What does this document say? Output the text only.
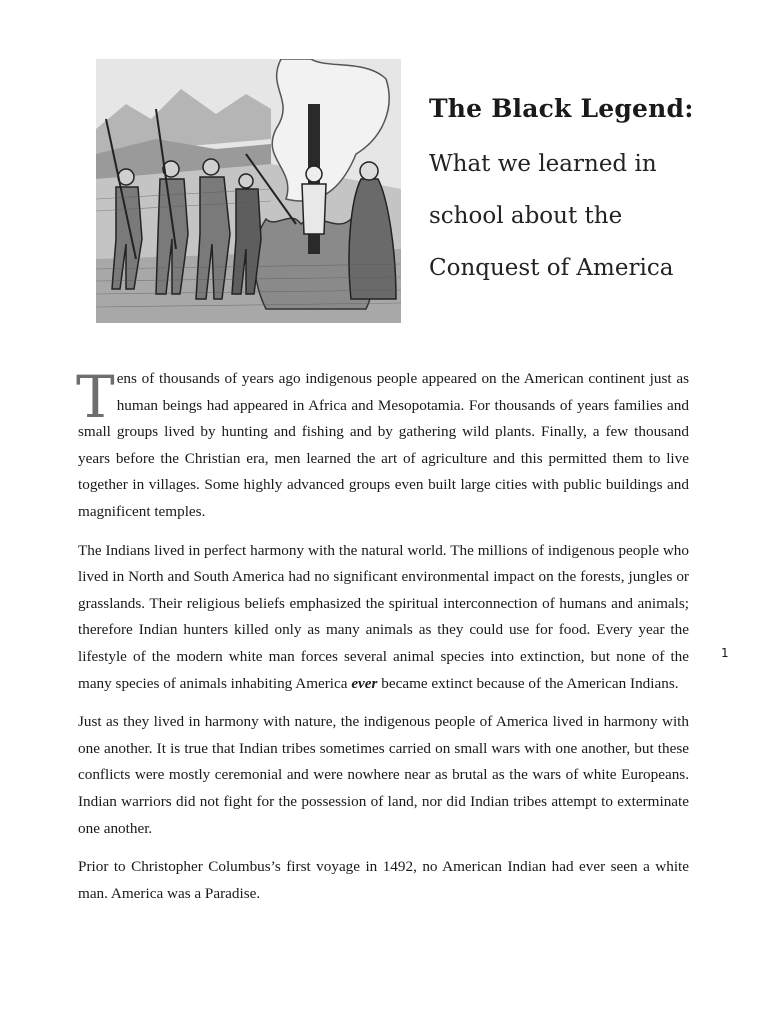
The Black Legend:
What we learned in
school about the
Conquest of America

Tens of thousands of years ago indigenous people appeared on the American continent just as human beings had appeared in Africa and Mesopotamia. For thousands of years families and small groups lived by hunting and fishing and by gathering wild plants. Finally, a few thousand years before the Christian era, men learned the art of agriculture and this permitted them to live together in villages. Some highly advanced groups even built large cities with public buildings and magnificent temples.

The Indians lived in perfect harmony with the natural world. The millions of indigenous people who lived in North and South America had no significant environmental impact on the forests, jungles or grasslands. Their religious beliefs emphasized the spiritual interconnection of humans and animals; therefore Indian hunters killed only as many animals as they could use for food. Every year the lifestyle of the modern white man forces several animal species into extinction, but none of the many species of animals inhabiting America ever became extinct because of the American Indians.

Just as they lived in harmony with nature, the indigenous people of America lived in harmony with one another. It is true that Indian tribes sometimes carried on small wars with one another, but these conflicts were mostly ceremonial and were nowhere near as brutal as the wars of white Europeans. Indian warriors did not fight for the possession of land, nor did Indian tribes attempt to exterminate one another.

Prior to Christopher Columbus’s first voyage in 1492, no American Indian had ever seen a white man. America was a Paradise.

1
